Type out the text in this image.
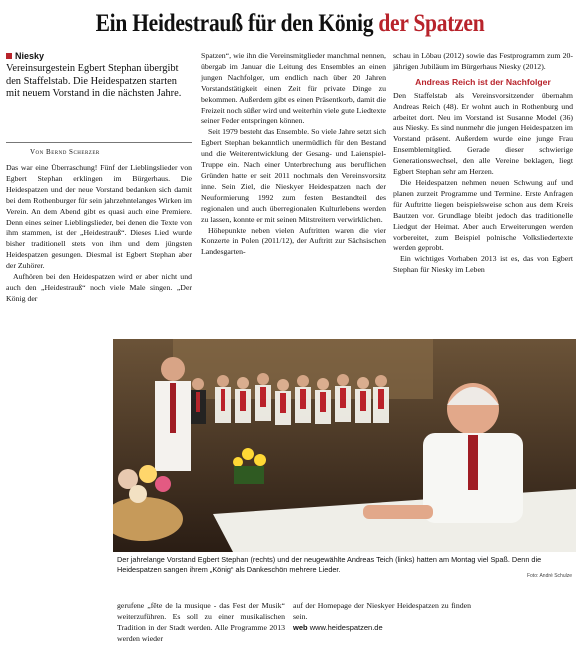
Ein Heidestrauß für den König der Spatzen
Niesky
Vereinsurgestein Egbert Stephan übergibt den Staffelstab. Die Heidespatzen starten mit neuem Vorstand in die nächsten Jahre.
Von Bernd Scherzer

Das war eine Überraschung! Fünf der Lieblingslieder von Egbert Stephan erklingen im Bürgerhaus. Die Heidespatzen und der neue Vorstand bedanken sich damit bei dem Rothenburger für sein jahrzehntelanges Wirken im Verein. An dem Abend gibt es quasi auch eine Premiere. Denn eines seiner Lieblingslieder, bei denen die Texte von ihm stammen, ist der „Heidestrauß“. Dieses Lied wurde bisher traditionell stets von ihm und dem jüngsten Heidespatzen gesungen. Diesmal ist Egbert Stephan aber der Zuhörer.

Aufhören bei den Heidespatzen wird er aber nicht und auch den „Heidestrauß“ noch viele Male singen. „Der König der

Spatzen“, wie ihn die Vereinsmitglieder manchmal nennen, übergab im Januar die Leitung des Ensembles an einen jungen Nachfolger, um endlich nach über 20 Jahren Vorstandstätigkeit einen Zeit für private Dinge zu bekommen. Außerdem gibt es einen Präsentkorb, damit die Freizeit noch süßer wird und weiterhin viele gute Liedtexte seiner Feder entspringen können.

Seit 1979 besteht das Ensemble. So viele Jahre setzt sich Egbert Stephan bekanntlich unermüdlich für den Bestand und die Weiterentwicklung der Gesang- und Laienspiel-Truppe ein. Nach einer Unterbrechung aus beruflichen Gründen hatte er seit 2011 nochmals den Vereinsvorsitz inne. Sein Ziel, die Nieskyer Heidespatzen nach der Neuformierung 1992 zum festen Bestandteil des regionalen und auch überregionalen Kulturlebens werden zu lassen, konnte er mit seinen Mitstreitern verwirklichen.

Höhepunkte neben vielen Auftritten waren die vier Konzerte in Polen (2011/12), der Auftritt zur Sächsischen Landesgarten-

schau in Löbau (2012) sowie das Festprogramm zum 20-jährigen Jubiläum im Bürgerhaus Niesky (2012).

Andreas Reich ist der Nachfolger

Den Staffelstab als Vereinsvorsitzender übernahm Andreas Reich (48). Er wohnt auch in Rothenburg und arbeitet dort. Neu im Vorstand ist Susanne Model (36) aus Niesky. Es sind nunmehr die jungen Heidespatzen im Vorstand präsent. Außerdem wurde eine junge Frau Ensemblemitglied. Gerade dieser schwierige Generationswechsel, den alle Vereine beklagen, liegt Egbert Stephan sehr am Herzen.

Die Heidespatzen nehmen neuen Schwung auf und planen zurzeit Programme und Termine. Erste Anfragen für Auftritte liegen beispielsweise schon aus dem Kreis Bautzen vor. Grundlage bleibt jedoch das traditionelle Liedgut der Heimat. Aber auch Erweiterungen werden vorbereitet, zum Beispiel polnische Volksliedertexte werden geprobt.

Ein wichtiges Vorhaben 2013 ist es, das von Egbert Stephan für Niesky im Leben

Der jahrelange Vorstand Egbert Stephan (rechts) und der neugewählte Andreas Teich (links) hatten am Montag viel Spaß. Denn die Heidespatzen sangen ihrem „König“ als Dankeschön mehrere Lieder.
Foto: André Schulze
gerufene „fête de la musique - das Fest der Musik“ weiterzuführen. Es soll zu einer musikalischen Tradition in der Stadt werden. Alle Programme 2013 werden wieder
auf der Homepage der Nieskyer Heidespatzen zu finden sein.
web www.heidespatzen.de
